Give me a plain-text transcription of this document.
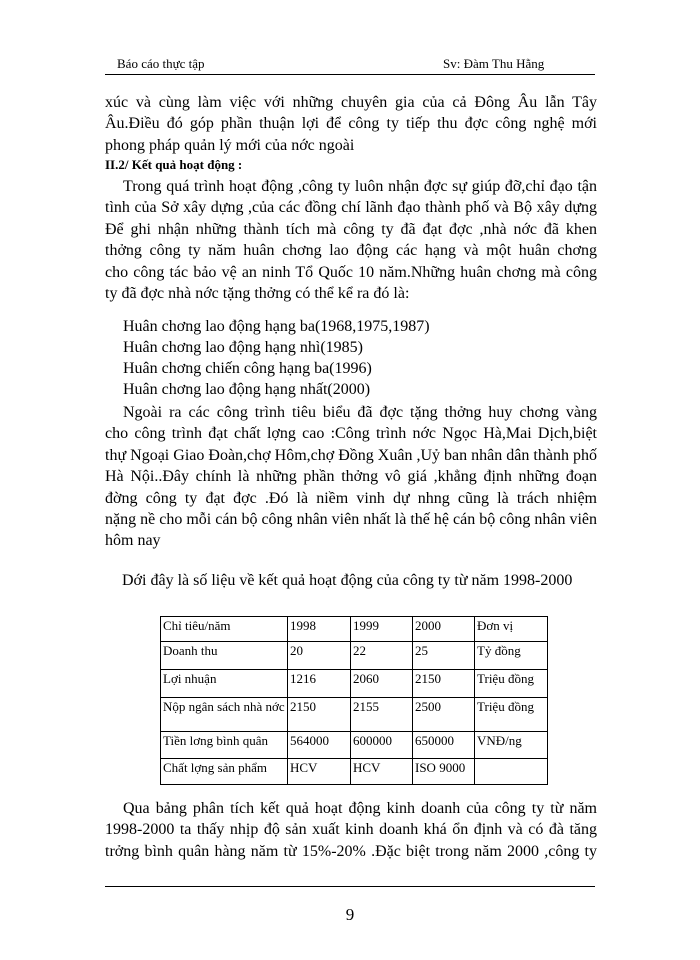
Báo cáo thực tập	Sv: Đàm Thu Hằng

xúc và cùng làm việc với những chuyên gia của cả Đông Âu lẫn Tây

Âu.Điều đó góp phần thuận lợi để công ty tiếp thu đợc công nghệ mới

phong pháp quản lý mới của nớc ngoài

II.2/ Kết quả hoạt động :

Trong quá trình hoạt động ,công ty luôn nhận đợc sự giúp đỡ,chỉ đạo tận

tình của Sở xây dựng ,của các đồng chí lãnh đạo thành phố và Bộ xây dựng

Để ghi nhận những thành tích mà công ty đã đạt đợc ,nhà nớc đã khen

thởng công ty năm huân chơng lao động các hạng và một huân chơng

cho công tác bảo vệ an ninh Tổ Quốc 10 năm.Những huân chơng mà công

ty đã đợc nhà nớc tặng thởng có thể kể ra đó là:

Huân chơng lao động hạng ba(1968,1975,1987)
Huân chơng lao động hạng nhì(1985)
Huân chơng chiến công hạng ba(1996)
Huân chơng lao động hạng nhất(2000)

Ngoài ra các công trình tiêu biểu đã đợc tặng thởng huy chơng vàng

cho công trình đạt chất lợng cao :Công trình nớc Ngọc Hà,Mai Dịch,biệt

thự Ngoại Giao Đoàn,chợ Hôm,chợ Đồng Xuân ,Uỷ ban nhân dân thành phố

Hà Nội..Đây chính là những phần thởng vô giá ,khẳng định những đoạn

đờng công ty đạt đợc .Đó là niềm vinh dự nhng cũng là trách nhiệm

nặng nề cho mỗi cán bộ công nhân viên nhất là thế hệ cán bộ công nhân viên

hôm nay

Dới đây là số liệu về kết quả hoạt động của công ty từ năm 1998-2000
Chỉ tiêu/năm	1998	1999	2000	Đơn vị
Doanh thu	20	22	25	Tỷ đồng
Lợi nhuận	1216	2060	2150	Triệu đồng
Nộp ngân sách nhà nớc	2150	2155	2500	Triệu đồng
Tiền lơng bình quân	564000	600000	650000	VNĐ/ng
Chất lợng sản phẩm	HCV	HCV	ISO 9000	

Qua bảng phân tích kết quả hoạt động kinh doanh của công ty từ năm

1998-2000 ta thấy nhịp độ sản xuất kinh doanh khá ổn định và có đà tăng

trởng bình quân hàng năm từ 15%-20% .Đặc biệt trong năm 2000 ,công ty

9
